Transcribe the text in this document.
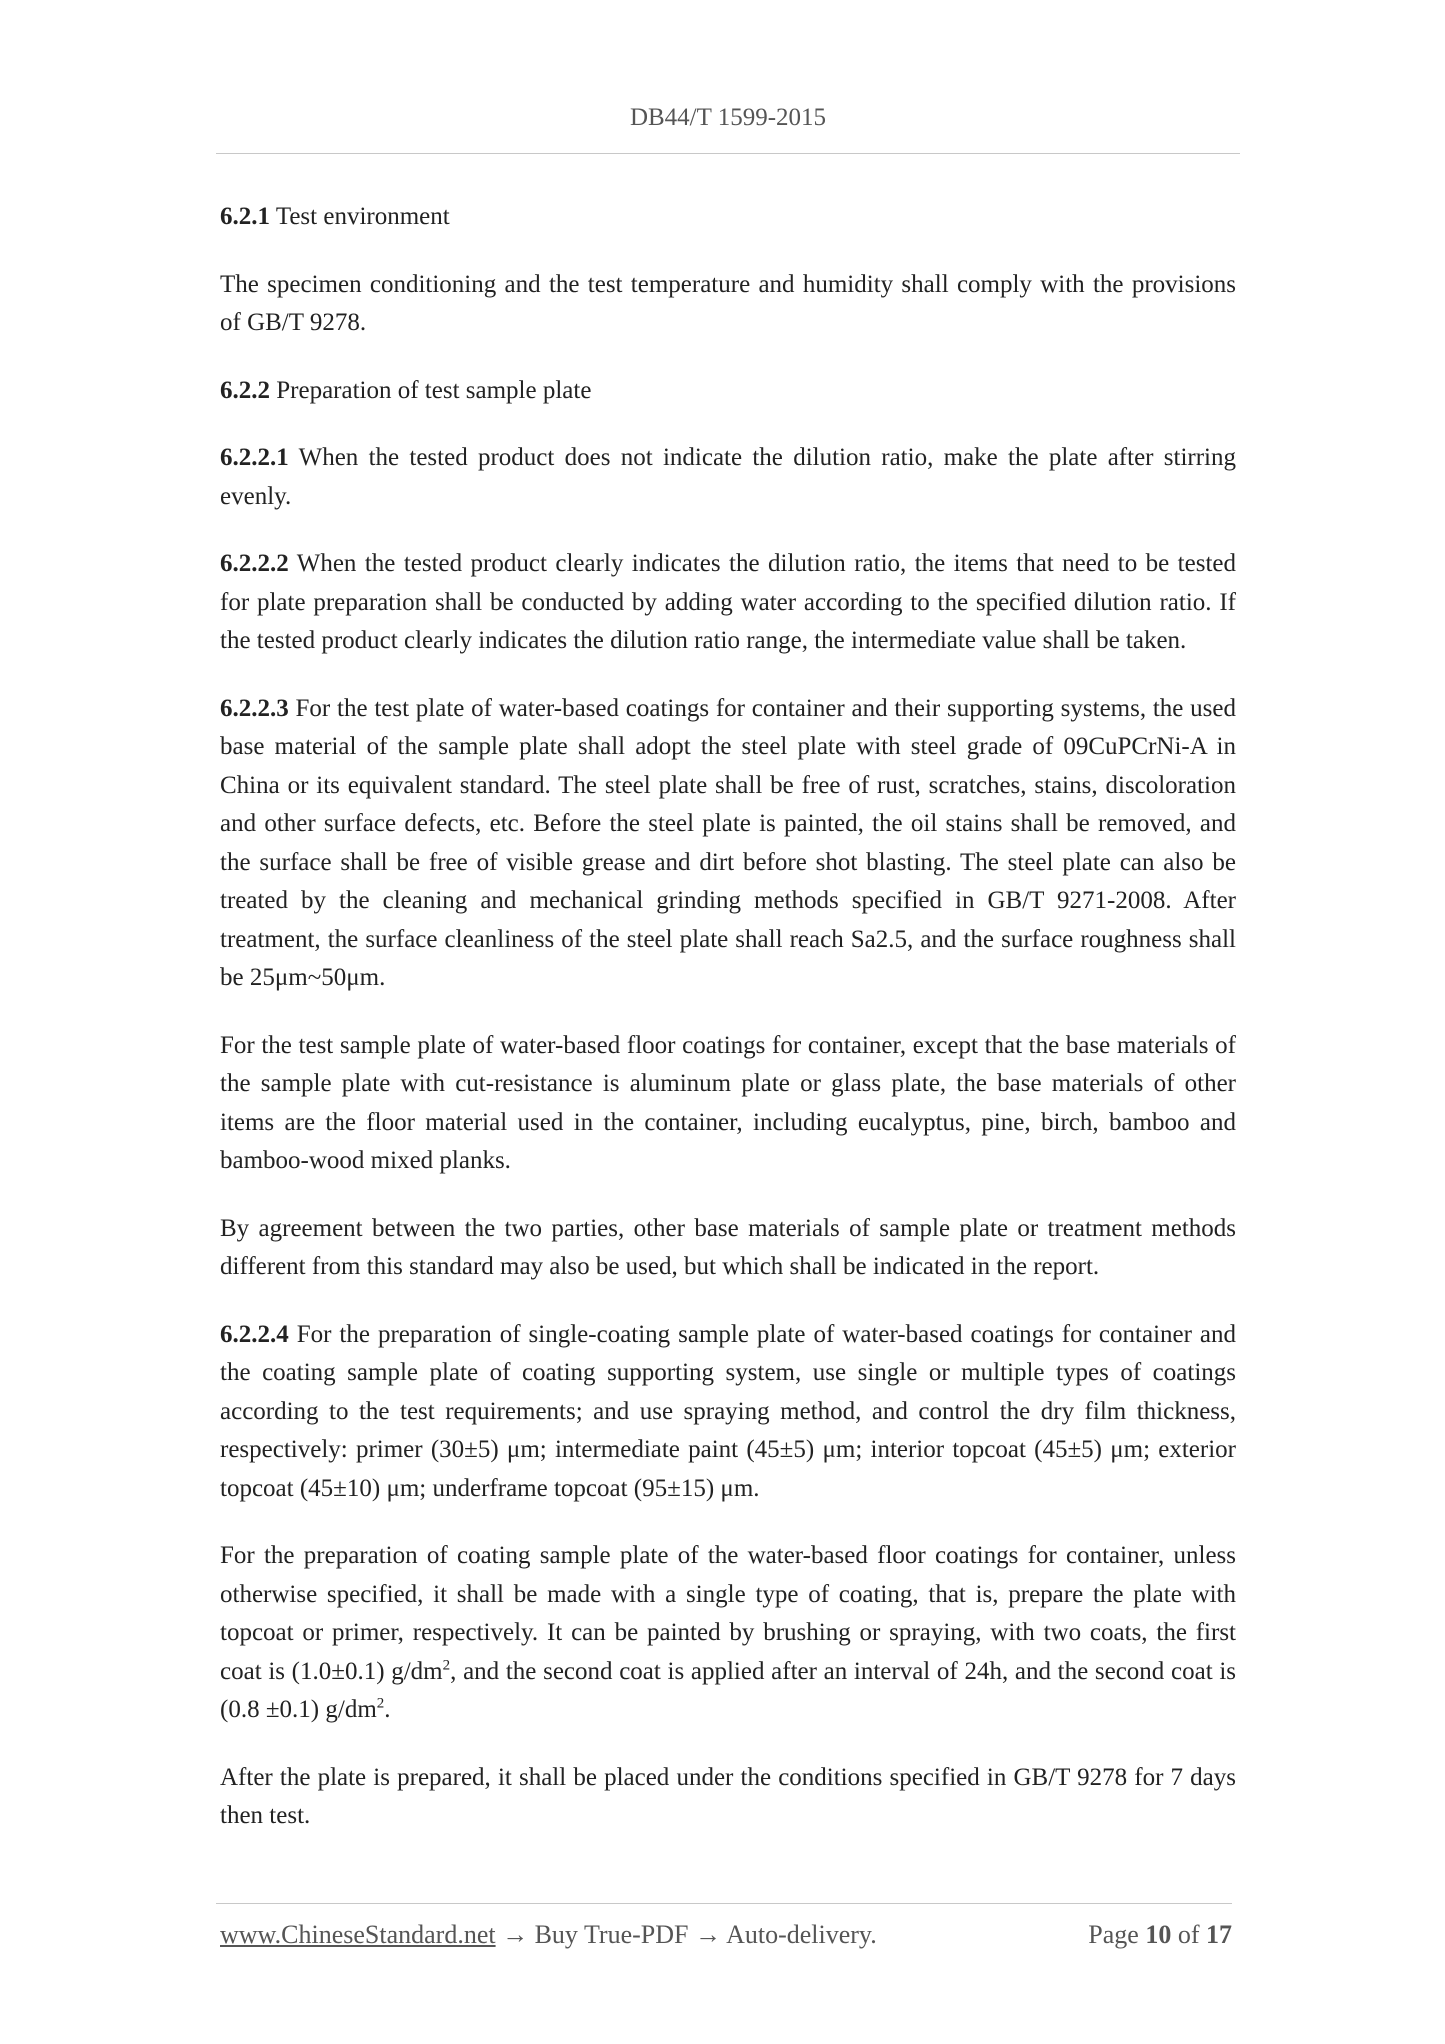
DB44/T 1599-2015

6.2.1 Test environment

The specimen conditioning and the test temperature and humidity shall comply with the provisions of GB/T 9278.

6.2.2 Preparation of test sample plate

6.2.2.1 When the tested product does not indicate the dilution ratio, make the plate after stirring evenly.

6.2.2.2 When the tested product clearly indicates the dilution ratio, the items that need to be tested for plate preparation shall be conducted by adding water according to the specified dilution ratio. If the tested product clearly indicates the dilution ratio range, the intermediate value shall be taken.

6.2.2.3 For the test plate of water-based coatings for container and their supporting systems, the used base material of the sample plate shall adopt the steel plate with steel grade of 09CuPCrNi-A in China or its equivalent standard. The steel plate shall be free of rust, scratches, stains, discoloration and other surface defects, etc. Before the steel plate is painted, the oil stains shall be removed, and the surface shall be free of visible grease and dirt before shot blasting. The steel plate can also be treated by the cleaning and mechanical grinding methods specified in GB/T 9271-2008. After treatment, the surface cleanliness of the steel plate shall reach Sa2.5, and the surface roughness shall be 25μm~50μm.

For the test sample plate of water-based floor coatings for container, except that the base materials of the sample plate with cut-resistance is aluminum plate or glass plate, the base materials of other items are the floor material used in the container, including eucalyptus, pine, birch, bamboo and bamboo-wood mixed planks.

By agreement between the two parties, other base materials of sample plate or treatment methods different from this standard may also be used, but which shall be indicated in the report.

6.2.2.4 For the preparation of single-coating sample plate of water-based coatings for container and the coating sample plate of coating supporting system, use single or multiple types of coatings according to the test requirements; and use spraying method, and control the dry film thickness, respectively: primer (30±5) μm; intermediate paint (45±5) μm; interior topcoat (45±5) μm; exterior topcoat (45±10) μm; underframe topcoat (95±15) μm.

For the preparation of coating sample plate of the water-based floor coatings for container, unless otherwise specified, it shall be made with a single type of coating, that is, prepare the plate with topcoat or primer, respectively. It can be painted by brushing or spraying, with two coats, the first coat is (1.0±0.1) $g/dm^2$, and the second coat is applied after an interval of 24h, and the second coat is (0.8 ±0.1) $g/dm^2$.

After the plate is prepared, it shall be placed under the conditions specified in GB/T 9278 for 7 days then test.

www.ChineseStandard.net → Buy True-PDF → Auto-delivery.	Page 10 of 17
